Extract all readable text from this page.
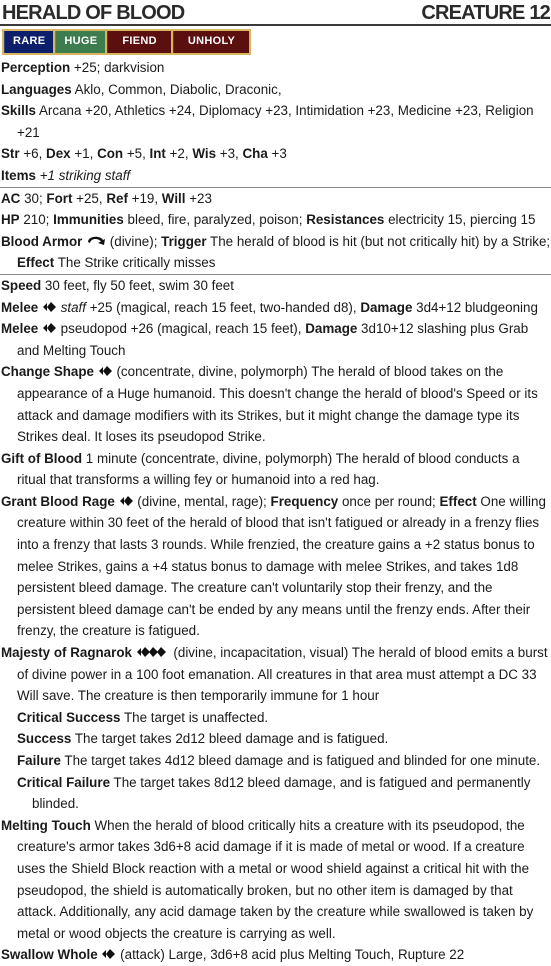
HERALD OF BLOOD	CREATURE 12
RARE	HUGE	FIEND	UNHOLY
Perception +25; darkvision
Languages Aklo, Common, Diabolic, Draconic,
Skills Arcana +20, Athletics +24, Diplomacy +23, Intimidation +23, Medicine +23, Religion +21
Str +6, Dex +1, Con +5, Int +2, Wis +3, Cha +3
Items +1 striking staff
AC 30; Fort +25, Ref +19, Will +23
HP 210; Immunities bleed, fire, paralyzed, poison; Resistances electricity 15, piercing 15
Blood Armor  (divine); Trigger The herald of blood is hit (but not critically hit) by a Strike; Effect The Strike critically misses
Speed 30 feet, fly 50 feet, swim 30 feet
Melee staff +25 (magical, reach 15 feet, two-handed d8), Damage 3d4+12 bludgeoning
Melee  pseudopod +26 (magical, reach 15 feet), Damage 3d10+12 slashing plus Grab and Melting Touch
Change Shape  (concentrate, divine, polymorph) The herald of blood takes on the appearance of a Huge humanoid. This doesn't change the herald of blood's Speed or its attack and damage modifiers with its Strikes, but it might change the damage type its Strikes deal. It loses its pseudopod Strike.
Gift of Blood 1 minute (concentrate, divine, polymorph) The herald of blood conducts a ritual that transforms a willing fey or humanoid into a red hag.
Grant Blood Rage  (divine, mental, rage); Frequency once per round; Effect One willing creature within 30 feet of the herald of blood that isn't fatigued or already in a frenzy flies into a frenzy that lasts 3 rounds. While frenzied, the creature gains a +2 status bonus to melee Strikes, gains a +4 status bonus to damage with melee Strikes, and takes 1d8 persistent bleed damage. The creature can't voluntarily stop their frenzy, and the persistent bleed damage can't be ended by any means until the frenzy ends. After their frenzy, the creature is fatigued.
Majesty of Ragnarok	(divine, incapacitation, visual) The herald of blood emits a burst of divine power in a 100 foot emanation. All creatures in that area must attempt a DC 33 Will save. The creature is then temporarily immune for 1 hour
Critical Success The target is unaffected.
Success The target takes 2d12 bleed damage and is fatigued.
Failure The target takes 4d12 bleed damage and is fatigued and blinded for one minute.
Critical Failure The target takes 8d12 bleed damage, and is fatigued and permanently blinded.
Melting Touch When the herald of blood critically hits a creature with its pseudopod, the creature's armor takes 3d6+8 acid damage if it is made of metal or wood. If a creature uses the Shield Block reaction with a metal or wood shield against a critical hit with the pseudopod, the shield is automatically broken, but no other item is damaged by that attack. Additionally, any acid damage taken by the creature while swallowed is taken by metal or wood objects the creature is carrying as well.
Swallow Whole  (attack) Large, 3d6+8 acid plus Melting Touch, Rupture 22
